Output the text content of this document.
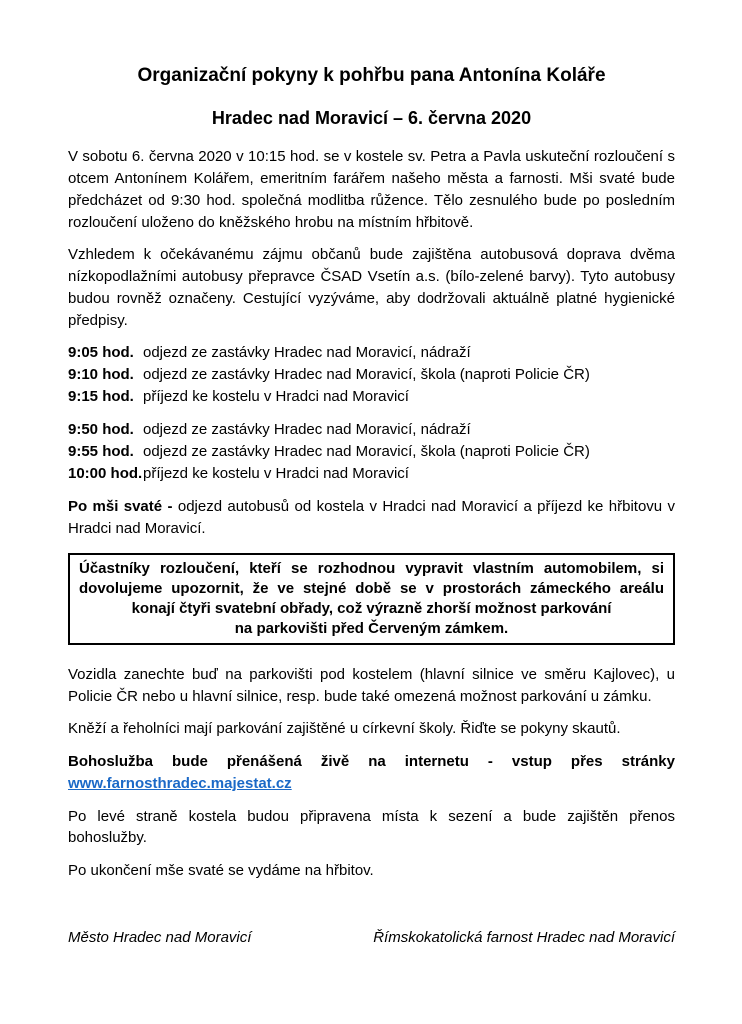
Organizační pokyny k pohřbu pana Antonína Koláře
Hradec nad Moravicí – 6. června 2020

V sobotu 6. června 2020 v 10:15 hod. se v kostele sv. Petra a Pavla uskuteční rozloučení s otcem Antonínem Kolářem, emeritním farářem našeho města a farnosti. Mši svaté bude předcházet od 9:30 hod. společná modlitba růžence. Tělo zesnulého bude po posledním rozloučení uloženo do kněžského hrobu na místním hřbitově.

Vzhledem k očekávanému zájmu občanů bude zajištěna autobusová doprava dvěma nízkopodlažními autobusy přepravce ČSAD Vsetín a.s. (bílo-zelené barvy). Tyto autobusy budou rovněž označeny. Cestující vyzýváme, aby dodržovali aktuálně platné hygienické předpisy.

9:05 hod. odjezd ze zastávky Hradec nad Moravicí, nádraží
9:10 hod. odjezd ze zastávky Hradec nad Moravicí, škola (naproti Policie ČR)
9:15 hod. příjezd ke kostelu v Hradci nad Moravicí
9:50 hod. odjezd ze zastávky Hradec nad Moravicí, nádraží
9:55 hod. odjezd ze zastávky Hradec nad Moravicí, škola (naproti Policie ČR)
10:00 hod. příjezd ke kostelu v Hradci nad Moravicí

Po mši svaté - odjezd autobusů od kostela v Hradci nad Moravicí a příjezd ke hřbitovu v Hradci nad Moravicí.

Účastníky rozloučení, kteří se rozhodnou vypravit vlastním automobilem, si
dovolujeme upozornit, že ve stejné době se v prostorách zámeckého areálu
konají čtyři svatební obřady, což výrazně zhorší možnost parkování
na parkovišti před Červeným zámkem.

Vozidla zanechte buď na parkovišti pod kostelem (hlavní silnice ve směru Kajlovec), u Policie ČR nebo u hlavní silnice, resp. bude také omezená možnost parkování u zámku.

Kněží a řeholníci mají parkování zajištěné u církevní školy. Řiďte se pokyny skautů.

Bohoslužba bude přenášená živě na internetu - vstup přes stránky www.farnosthradec.majestat.cz

Po levé straně kostela budou připravena místa k sezení a bude zajištěn přenos bohoslužby.

Po ukončení mše svaté se vydáme na hřbitov.

Město Hradec nad Moravicí	Římskokatolická farnost Hradec nad Moravicí
